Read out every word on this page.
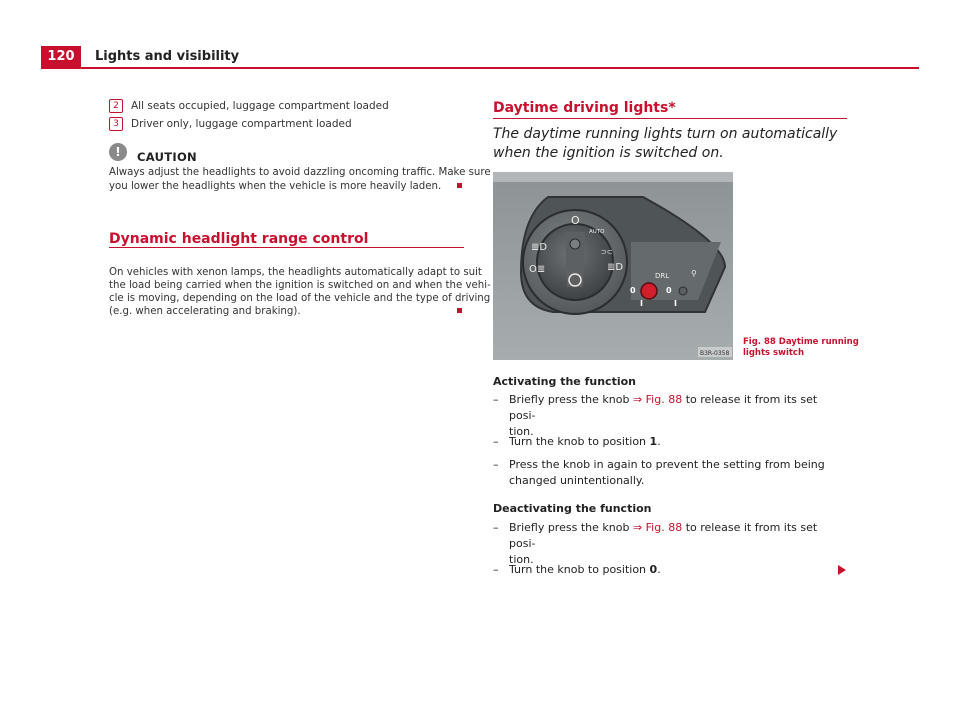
120	Lights and visibility
2 All seats occupied, luggage compartment loaded
3 Driver only, luggage compartment loaded
!	CAUTION
Always adjust the headlights to avoid dazzling oncoming traffic. Make sure
you lower the headlights when the vehicle is more heavily laden.
Dynamic headlight range control
On vehicles with xenon lamps, the headlights automatically adapt to suit
the load being carried when the ignition is switched on and when the vehi-
cle is moving, depending on the load of the vehicle and the type of driving
(e.g. when accelerating and braking).
Daytime driving lights*
The daytime running lights turn on automatically when the ignition is switched on.
O
AUTO
≣D
O≣
⊃⊂
≣D
DRL
0	0
I	I
⚲
B3R-0358
Fig. 88 Daytime running
lights switch
Activating the function
– Briefly press the knob ⇒ Fig. 88 to release it from its set posi-
tion.
– Turn the knob to position 1.
– Press the knob in again to prevent the setting from being
changed unintentionally.
Deactivating the function
– Briefly press the knob ⇒ Fig. 88 to release it from its set posi-
tion.
– Turn the knob to position 0.
